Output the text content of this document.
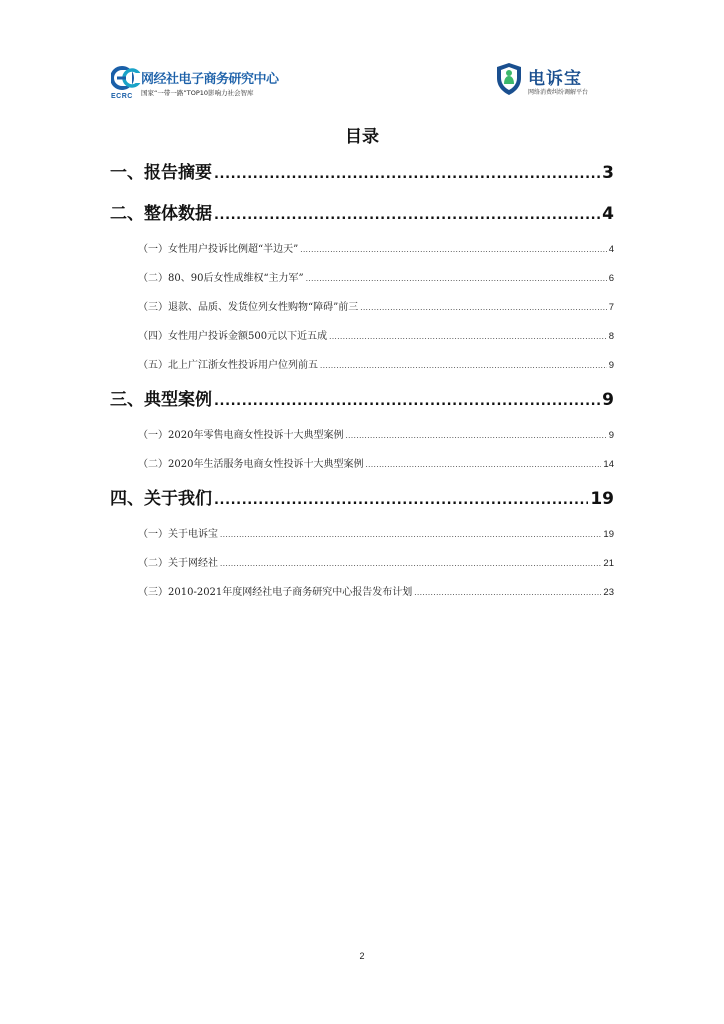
ECRC
网经社电子商务研究中心
国家“一带一路”TOP10影响力社会智库
电诉宝
网络消费纠纷调解平台
目录
一、报告摘要 .....	3
二、整体数据 .....	4
（一）女性用户投诉比例超“半边天” .....	4
（二）80、90后女性成维权“主力军” .....	6
（三）退款、品质、发货位列女性购物“障碍”前三 .....	7
（四）女性用户投诉金额500元以下近五成 .....	8
（五）北上广江浙女性投诉用户位列前五 .....	9
三、典型案例 .....	9
（一）2020年零售电商女性投诉十大典型案例 .....	9
（二）2020年生活服务电商女性投诉十大典型案例 .....	14
四、关于我们 .....	19
（一）关于电诉宝 .....	19
（二）关于网经社 .....	21
（三）2010-2021年度网经社电子商务研究中心报告发布计划 .....	23
2
